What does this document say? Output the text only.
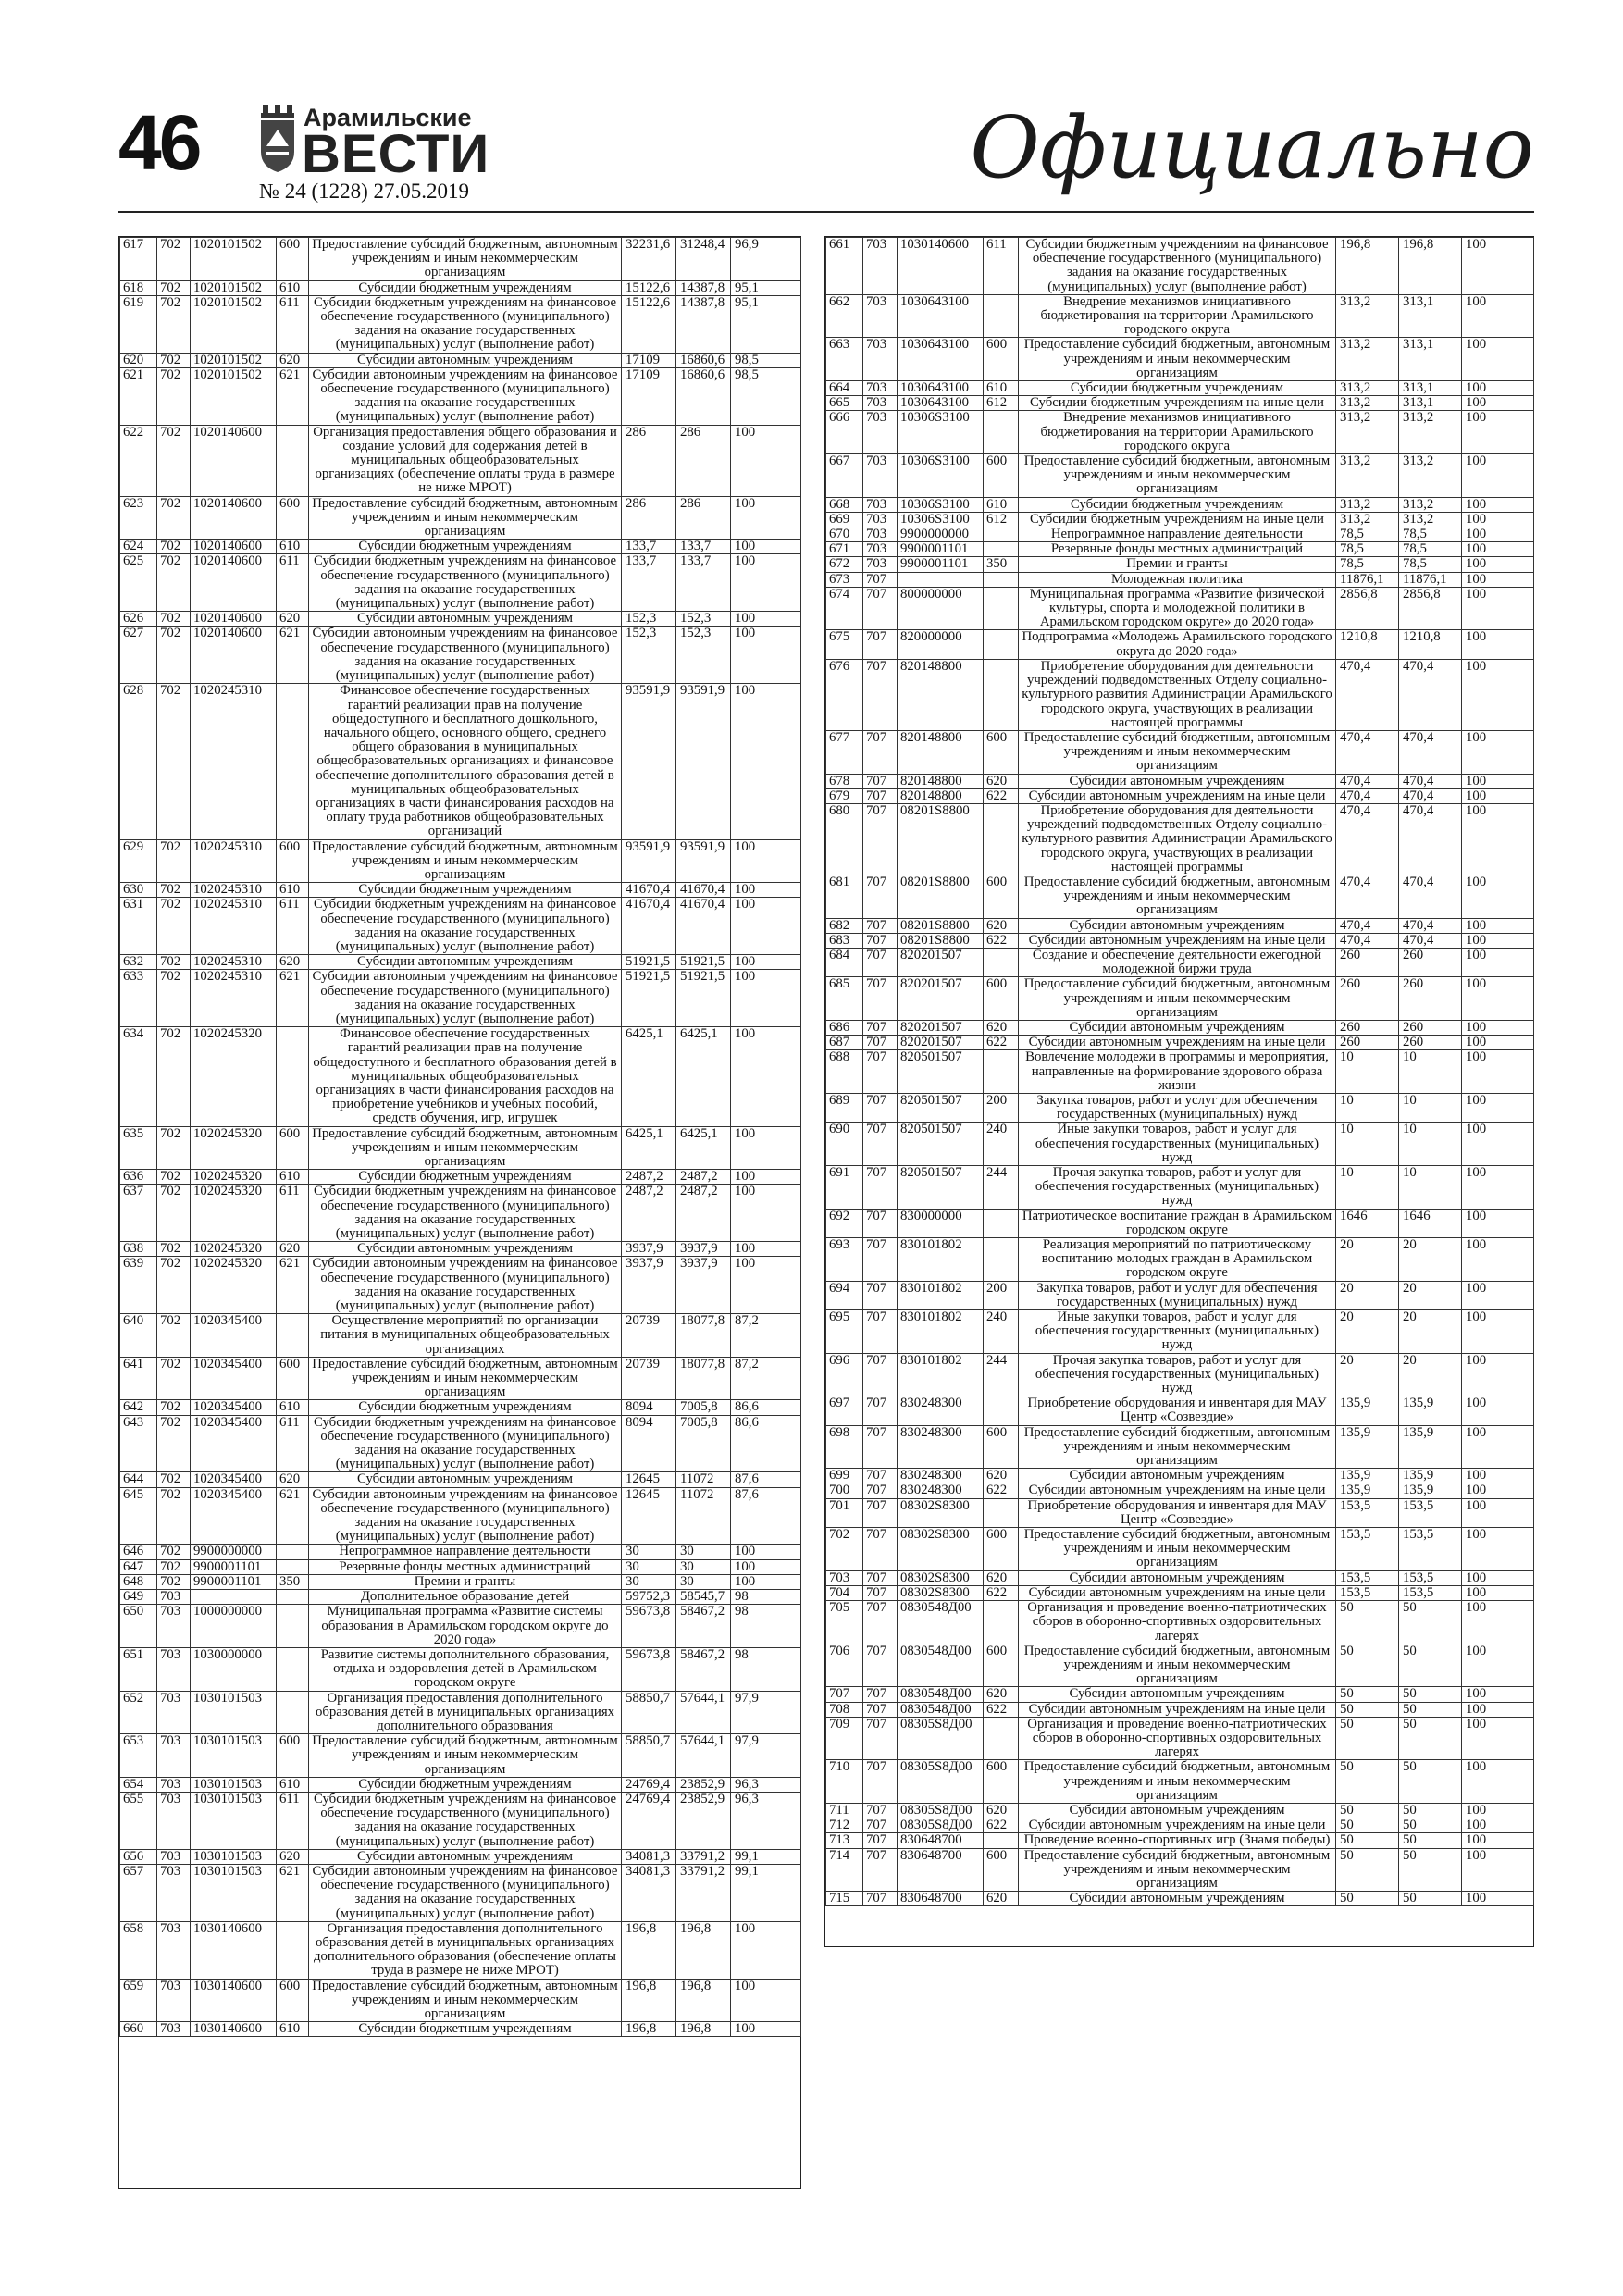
46	Арамильские
ВЕСТИ
№ 24 (1228) 27.05.2019	Официально
617	702	1020101502	600	Предоставление субсидий бюджетным, автономным учреждениям и иным некоммерческим организациям	32231,6	31248,4	96,9
618	702	1020101502	610	Субсидии бюджетным учреждениям	15122,6	14387,8	95,1
619	702	1020101502	611	Субсидии бюджетным учреждениям на финансовое обеспечение государственного (муниципального) задания на оказание государственных (муниципальных) услуг (выполнение работ)	15122,6	14387,8	95,1
620	702	1020101502	620	Субсидии автономным учреждениям	17109	16860,6	98,5
621	702	1020101502	621	Субсидии автономным учреждениям на финансовое обеспечение государственного (муниципального) задания на оказание государственных (муниципальных) услуг (выполнение работ)	17109	16860,6	98,5
622	702	1020140600		Организация предоставления общего образования и создание условий для содержания детей в муниципальных общеобразовательных организациях (обеспечение оплаты труда в размере не ниже МРОТ)	286	286	100
623	702	1020140600	600	Предоставление субсидий бюджетным, автономным учреждениям и иным некоммерческим организациям	286	286	100
624	702	1020140600	610	Субсидии бюджетным учреждениям	133,7	133,7	100
625	702	1020140600	611	Субсидии бюджетным учреждениям на финансовое обеспечение государственного (муниципального) задания на оказание государственных (муниципальных) услуг (выполнение работ)	133,7	133,7	100
626	702	1020140600	620	Субсидии автономным учреждениям	152,3	152,3	100
627	702	1020140600	621	Субсидии автономным учреждениям на финансовое обеспечение государственного (муниципального) задания на оказание государственных (муниципальных) услуг (выполнение работ)	152,3	152,3	100
628	702	1020245310		Финансовое обеспечение государственных гарантий реализации прав на получение общедоступного и бесплатного дошкольного, начального общего, основного общего, среднего общего образования в муниципальных общеобразовательных организациях и финансовое обеспечение дополнительного образования детей в муниципальных общеобразовательных организациях в части финансирования расходов на оплату труда работников общеобразовательных организаций	93591,9	93591,9	100
629	702	1020245310	600	Предоставление субсидий бюджетным, автономным учреждениям и иным некоммерческим организациям	93591,9	93591,9	100
630	702	1020245310	610	Субсидии бюджетным учреждениям	41670,4	41670,4	100
631	702	1020245310	611	Субсидии бюджетным учреждениям на финансовое обеспечение государственного (муниципального) задания на оказание государственных (муниципальных) услуг (выполнение работ)	41670,4	41670,4	100
632	702	1020245310	620	Субсидии автономным учреждениям	51921,5	51921,5	100
633	702	1020245310	621	Субсидии автономным учреждениям на финансовое обеспечение государственного (муниципального) задания на оказание государственных (муниципальных) услуг (выполнение работ)	51921,5	51921,5	100
634	702	1020245320		Финансовое обеспечение государственных гарантий реализации прав на получение общедоступного и бесплатного образования детей в муниципальных общеобразовательных организациях в части финансирования расходов на приобретение учебников и учебных пособий, средств обучения, игр, игрушек	6425,1	6425,1	100
635	702	1020245320	600	Предоставление субсидий бюджетным, автономным учреждениям и иным некоммерческим организациям	6425,1	6425,1	100
636	702	1020245320	610	Субсидии бюджетным учреждениям	2487,2	2487,2	100
637	702	1020245320	611	Субсидии бюджетным учреждениям на финансовое обеспечение государственного (муниципального) задания на оказание государственных (муниципальных) услуг (выполнение работ)	2487,2	2487,2	100
638	702	1020245320	620	Субсидии автономным учреждениям	3937,9	3937,9	100
639	702	1020245320	621	Субсидии автономным учреждениям на финансовое обеспечение государственного (муниципального) задания на оказание государственных (муниципальных) услуг (выполнение работ)	3937,9	3937,9	100
640	702	1020345400		Осуществление мероприятий по организации питания в муниципальных общеобразовательных организациях	20739	18077,8	87,2
641	702	1020345400	600	Предоставление субсидий бюджетным, автономным учреждениям и иным некоммерческим организациям	20739	18077,8	87,2
642	702	1020345400	610	Субсидии бюджетным учреждениям	8094	7005,8	86,6
643	702	1020345400	611	Субсидии бюджетным учреждениям на финансовое обеспечение государственного (муниципального) задания на оказание государственных (муниципальных) услуг (выполнение работ)	8094	7005,8	86,6
644	702	1020345400	620	Субсидии автономным учреждениям	12645	11072	87,6
645	702	1020345400	621	Субсидии автономным учреждениям на финансовое обеспечение государственного (муниципального) задания на оказание государственных (муниципальных) услуг (выполнение работ)	12645	11072	87,6
646	702	9900000000		Непрограммное направление деятельности	30	30	100
647	702	9900001101		Резервные фонды местных администраций	30	30	100
648	702	9900001101	350	Премии и гранты	30	30	100
649	703			Дополнительное образование детей	59752,3	58545,7	98
650	703	1000000000		Муниципальная программа «Развитие системы образования в Арамильском городском округе до 2020 года»	59673,8	58467,2	98
651	703	1030000000		Развитие системы дополнительного образования, отдыха и оздоровления детей в Арамильском городском округе	59673,8	58467,2	98
652	703	1030101503		Организация предоставления дополнительного образования детей в муниципальных организациях дополнительного образования	58850,7	57644,1	97,9
653	703	1030101503	600	Предоставление субсидий бюджетным, автономным учреждениям и иным некоммерческим организациям	58850,7	57644,1	97,9
654	703	1030101503	610	Субсидии бюджетным учреждениям	24769,4	23852,9	96,3
655	703	1030101503	611	Субсидии бюджетным учреждениям на финансовое обеспечение государственного (муниципального) задания на оказание государственных (муниципальных) услуг (выполнение работ)	24769,4	23852,9	96,3
656	703	1030101503	620	Субсидии автономным учреждениям	34081,3	33791,2	99,1
657	703	1030101503	621	Субсидии автономным учреждениям на финансовое обеспечение государственного (муниципального) задания на оказание государственных (муниципальных) услуг (выполнение работ)	34081,3	33791,2	99,1
658	703	1030140600		Организация предоставления дополнительного образования детей в муниципальных организациях дополнительного образования (обеспечение оплаты труда в размере не ниже МРОТ)	196,8	196,8	100
659	703	1030140600	600	Предоставление субсидий бюджетным, автономным учреждениям и иным некоммерческим организациям	196,8	196,8	100
660	703	1030140600	610	Субсидии бюджетным учреждениям	196,8	196,8	100
661	703	1030140600	611	Субсидии бюджетным учреждениям на финансовое обеспечение государственного (муниципального) задания на оказание государственных (муниципальных) услуг (выполнение работ)	196,8	196,8	100
662	703	1030643100		Внедрение механизмов инициативного бюджетирования на территории Арамильского городского округа	313,2	313,1	100
663	703	1030643100	600	Предоставление субсидий бюджетным, автономным учреждениям и иным некоммерческим организациям	313,2	313,1	100
664	703	1030643100	610	Субсидии бюджетным учреждениям	313,2	313,1	100
665	703	1030643100	612	Субсидии бюджетным учреждениям на иные цели	313,2	313,1	100
666	703	10306S3100		Внедрение механизмов инициативного бюджетирования на территории Арамильского городского округа	313,2	313,2	100
667	703	10306S3100	600	Предоставление субсидий бюджетным, автономным учреждениям и иным некоммерческим организациям	313,2	313,2	100
668	703	10306S3100	610	Субсидии бюджетным учреждениям	313,2	313,2	100
669	703	10306S3100	612	Субсидии бюджетным учреждениям на иные цели	313,2	313,2	100
670	703	9900000000		Непрограммное направление деятельности	78,5	78,5	100
671	703	9900001101		Резервные фонды местных администраций	78,5	78,5	100
672	703	9900001101	350	Премии и гранты	78,5	78,5	100
673	707			Молодежная политика	11876,1	11876,1	100
674	707	800000000		Муниципальная программа «Развитие физической культуры, спорта и молодежной политики в Арамильском городском округе» до 2020 года»	2856,8	2856,8	100
675	707	820000000		Подпрограмма «Молодежь Арамильского городского округа до 2020 года»	1210,8	1210,8	100
676	707	820148800		Приобретение оборудования для деятельности учреждений подведомственных Отделу социально-культурного развития Администрации Арамильского городского округа, участвующих в реализации настоящей программы	470,4	470,4	100
677	707	820148800	600	Предоставление субсидий бюджетным, автономным учреждениям и иным некоммерческим организациям	470,4	470,4	100
678	707	820148800	620	Субсидии автономным учреждениям	470,4	470,4	100
679	707	820148800	622	Субсидии автономным учреждениям на иные цели	470,4	470,4	100
680	707	08201S8800		Приобретение оборудования для деятельности учреждений подведомственных Отделу социально-культурного развития Администрации Арамильского городского округа, участвующих в реализации настоящей программы	470,4	470,4	100
681	707	08201S8800	600	Предоставление субсидий бюджетным, автономным учреждениям и иным некоммерческим организациям	470,4	470,4	100
682	707	08201S8800	620	Субсидии автономным учреждениям	470,4	470,4	100
683	707	08201S8800	622	Субсидии автономным учреждениям на иные цели	470,4	470,4	100
684	707	820201507		Создание и обеспечение деятельности ежегодной молодежной биржи труда	260	260	100
685	707	820201507	600	Предоставление субсидий бюджетным, автономным учреждениям и иным некоммерческим организациям	260	260	100
686	707	820201507	620	Субсидии автономным учреждениям	260	260	100
687	707	820201507	622	Субсидии автономным учреждениям на иные цели	260	260	100
688	707	820501507		Вовлечение молодежи в программы и мероприятия, направленные на формирование здорового образа жизни	10	10	100
689	707	820501507	200	Закупка товаров, работ и услуг для обеспечения государственных (муниципальных) нужд	10	10	100
690	707	820501507	240	Иные закупки товаров, работ и услуг для обеспечения государственных (муниципальных) нужд	10	10	100
691	707	820501507	244	Прочая закупка товаров, работ и услуг для обеспечения государственных (муниципальных) нужд	10	10	100
692	707	830000000		Патриотическое воспитание граждан в Арамильском городском округе	1646	1646	100
693	707	830101802		Реализация мероприятий по патриотическому воспитанию молодых граждан в Арамильском городском округе	20	20	100
694	707	830101802	200	Закупка товаров, работ и услуг для обеспечения государственных (муниципальных) нужд	20	20	100
695	707	830101802	240	Иные закупки товаров, работ и услуг для обеспечения государственных (муниципальных) нужд	20	20	100
696	707	830101802	244	Прочая закупка товаров, работ и услуг для обеспечения государственных (муниципальных) нужд	20	20	100
697	707	830248300		Приобретение оборудования и инвентаря для МАУ Центр «Созвездие»	135,9	135,9	100
698	707	830248300	600	Предоставление субсидий бюджетным, автономным учреждениям и иным некоммерческим организациям	135,9	135,9	100
699	707	830248300	620	Субсидии автономным учреждениям	135,9	135,9	100
700	707	830248300	622	Субсидии автономным учреждениям на иные цели	135,9	135,9	100
701	707	08302S8300		Приобретение оборудования и инвентаря для МАУ Центр «Созвездие»	153,5	153,5	100
702	707	08302S8300	600	Предоставление субсидий бюджетным, автономным учреждениям и иным некоммерческим организациям	153,5	153,5	100
703	707	08302S8300	620	Субсидии автономным учреждениям	153,5	153,5	100
704	707	08302S8300	622	Субсидии автономным учреждениям на иные цели	153,5	153,5	100
705	707	0830548Д00		Организация и проведение военно-патриотических сборов в оборонно-спортивных оздоровительных лагерях	50	50	100
706	707	0830548Д00	600	Предоставление субсидий бюджетным, автономным учреждениям и иным некоммерческим организациям	50	50	100
707	707	0830548Д00	620	Субсидии автономным учреждениям	50	50	100
708	707	0830548Д00	622	Субсидии автономным учреждениям на иные цели	50	50	100
709	707	08305S8Д00		Организация и проведение военно-патриотических сборов в оборонно-спортивных оздоровительных лагерях	50	50	100
710	707	08305S8Д00	600	Предоставление субсидий бюджетным, автономным учреждениям и иным некоммерческим организациям	50	50	100
711	707	08305S8Д00	620	Субсидии автономным учреждениям	50	50	100
712	707	08305S8Д00	622	Субсидии автономным учреждениям на иные цели	50	50	100
713	707	830648700		Проведение военно-спортивных игр (Знамя победы)	50	50	100
714	707	830648700	600	Предоставление субсидий бюджетным, автономным учреждениям и иным некоммерческим организациям	50	50	100
715	707	830648700	620	Субсидии автономным учреждениям	50	50	100
